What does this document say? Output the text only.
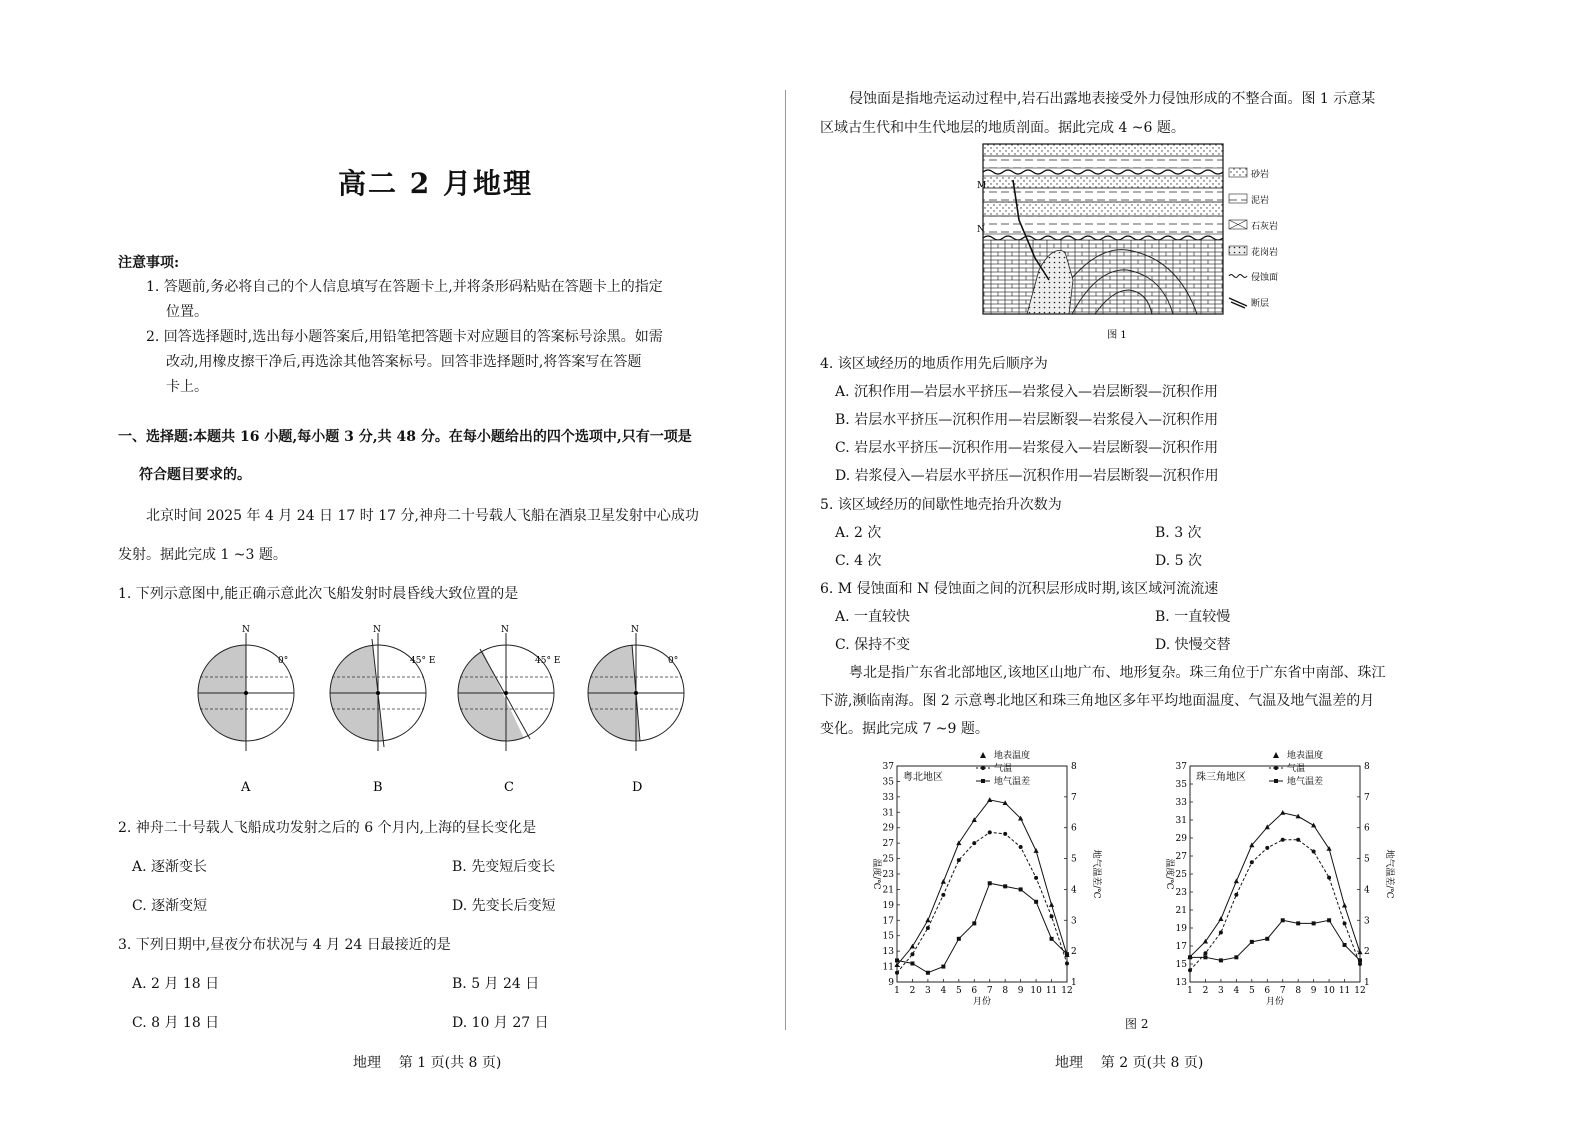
高二 2 月地理
注意事项:
1. 答题前,务必将自己的个人信息填写在答题卡上,并将条形码粘贴在答题卡上的指定
位置。
2. 回答选择题时,选出每小题答案后,用铅笔把答题卡对应题目的答案标号涂黑。如需
改动,用橡皮擦干净后,再选涂其他答案标号。回答非选择题时,将答案写在答题
卡上。
一、选择题:本题共 16 小题,每小题 3 分,共 48 分。在每小题给出的四个选项中,只有一项是
符合题目要求的。
北京时间 2025 年 4 月 24 日 17 时 17 分,神舟二十号载人飞船在酒泉卫星发射中心成功
发射。据此完成 1 ~3 题。
1. 下列示意图中,能正确示意此次飞船发射时晨昏线大致位置的是
N
0°
N
45° E
N
45° E
N
0°
A	B	C	D
2. 神舟二十号载人飞船成功发射之后的 6 个月内,上海的昼长变化是
A. 逐渐变长	B. 先变短后变长
C. 逐渐变短	D. 先变长后变短
3. 下列日期中,昼夜分布状况与 4 月 24 日最接近的是
A. 2 月 18 日	B. 5 月 24 日
C. 8 月 18 日	D. 10 月 27 日
地理    第 1 页(共 8 页)
侵蚀面是指地壳运动过程中,岩石出露地表接受外力侵蚀形成的不整合面。图 1 示意某
区域古生代和中生代地层的地质剖面。据此完成 4 ~6 题。
M
N
砂岩
泥岩
石灰岩
花岗岩
侵蚀面
断层
图 1
4. 该区域经历的地质作用先后顺序为
A. 沉积作用—岩层水平挤压—岩浆侵入—岩层断裂—沉积作用
B. 岩层水平挤压—沉积作用—岩层断裂—岩浆侵入—沉积作用
C. 岩层水平挤压—沉积作用—岩浆侵入—岩层断裂—沉积作用
D. 岩浆侵入—岩层水平挤压—沉积作用—岩层断裂—沉积作用
5. 该区域经历的间歇性地壳抬升次数为
A. 2 次	B. 3 次
C. 4 次	D. 5 次
6. M 侵蚀面和 N 侵蚀面之间的沉积层形成时期,该区域河流流速
A. 一直较快	B. 一直较慢
C. 保持不变	D. 快慢交替
粤北是指广东省北部地区,该地区山地广布、地形复杂。珠三角位于广东省中南部、珠江
下游,濒临南海。图 2 示意粤北地区和珠三角地区多年平均地面温度、气温及地气温差的月
变化。据此完成 7 ~9 题。
9
11
13
15
17
19
21
23
25
27
29
31
33
35
37
1
2
3
4
5
6
7
8
1 2 3 4 5 6 7 8 9 10 11 12
月份
温度/℃	地气温差/℃
粤北地区
地表温度
气温
地气温差
13
15
17
19
21
23
25
27
29
31
33
35
37
1
2
3
4
5
6
7
8
1 2 3 4 5 6 7 8 9 10 11 12
月份
温度/℃	地气温差/℃
珠三角地区
地表温度
气温
地气温差
图 2
地理    第 2 页(共 8 页)
